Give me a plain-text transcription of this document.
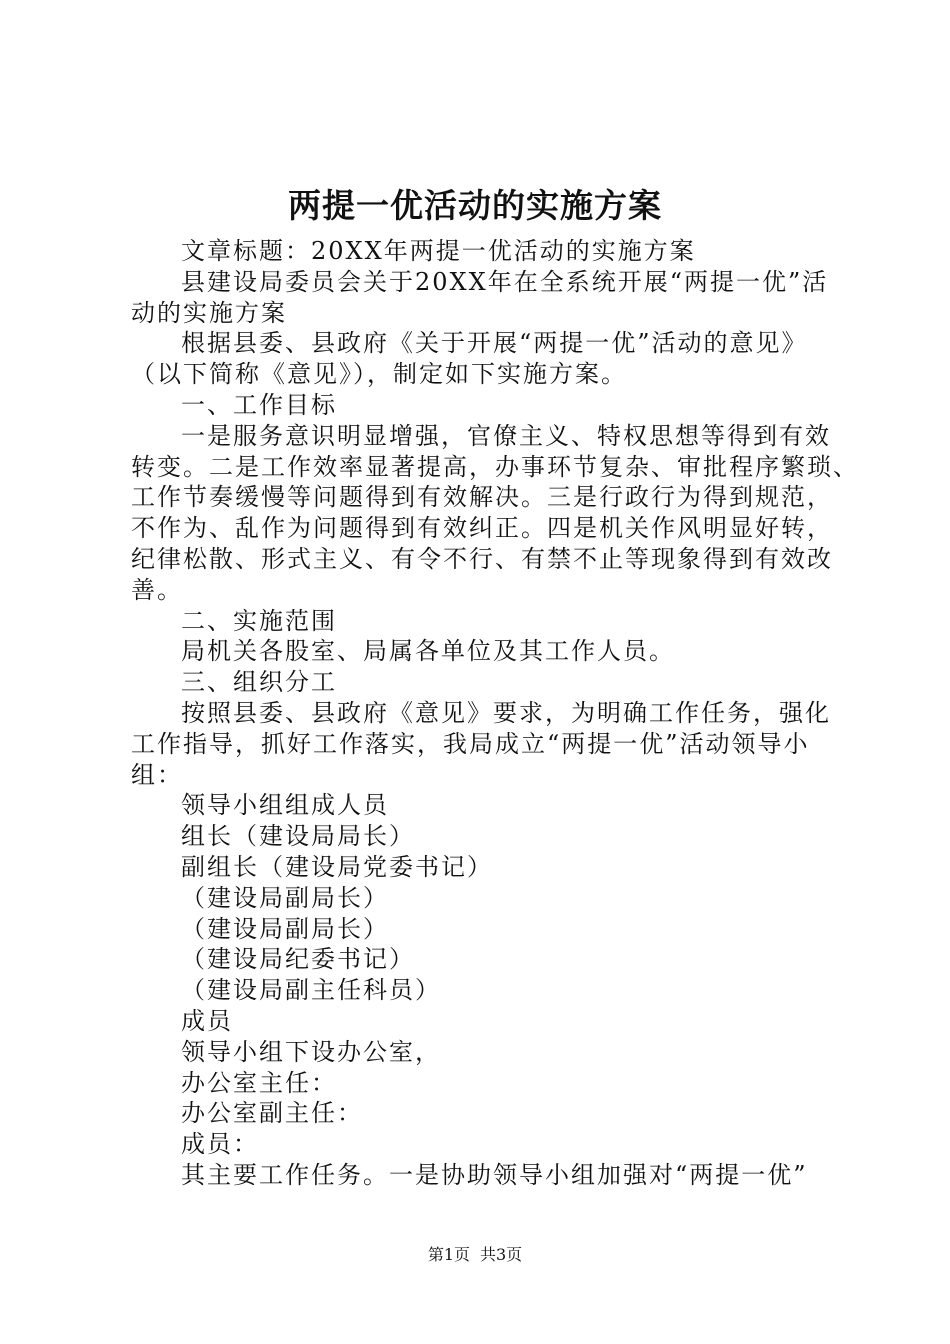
两提一优活动的实施方案

文章标题：20XX年两提一优活动的实施方案

县建设局委员会关于20XX年在全系统开展“两提一优”活

动的实施方案

根据县委、县政府《关于开展“两提一优”活动的意见》

（以下简称《意见》），制定如下实施方案。

一、工作目标

一是服务意识明显增强，官僚主义、特权思想等得到有效

转变。二是工作效率显著提高，办事环节复杂、审批程序繁琐、

工作节奏缓慢等问题得到有效解决。三是行政行为得到规范，

不作为、乱作为问题得到有效纠正。四是机关作风明显好转，

纪律松散、形式主义、有令不行、有禁不止等现象得到有效改

善。

二、实施范围

局机关各股室、局属各单位及其工作人员。

三、组织分工

按照县委、县政府《意见》要求，为明确工作任务，强化

工作指导，抓好工作落实，我局成立“两提一优”活动领导小

组：

领导小组组成人员

组长（建设局局长）

副组长（建设局党委书记）

（建设局副局长）

（建设局副局长）

（建设局纪委书记）

（建设局副主任科员）

成员

领导小组下设办公室，

办公室主任：

办公室副主任：

成员：

其主要工作任务。一是协助领导小组加强对“两提一优”

第1页 共3页
